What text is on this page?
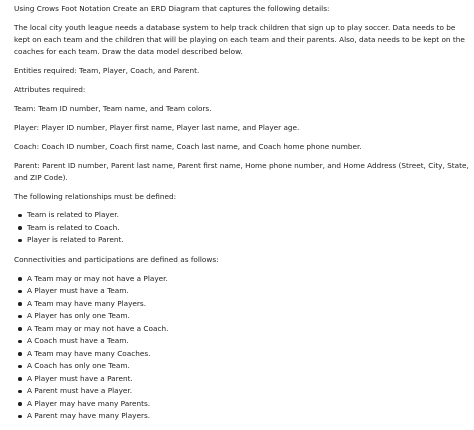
Using Crows Foot Notation Create an ERD Diagram that captures the following details:

The local city youth league needs a database system to help track children that sign up to play soccer. Data needs to be kept on each team and the children that will be playing on each team and their parents. Also, data needs to be kept on the coaches for each team. Draw the data model described below.

Entities required: Team, Player, Coach, and Parent.

Attributes required:

Team: Team ID number, Team name, and Team colors.

Player: Player ID number, Player first name, Player last name, and Player age.

Coach: Coach ID number, Coach first name, Coach last name, and Coach home phone number.

Parent: Parent ID number, Parent last name, Parent first name, Home phone number, and Home Address (Street, City, State, and ZIP Code).

The following relationships must be defined:

Team is related to Player.
Team is related to Coach.
Player is related to Parent.

Connectivities and participations are defined as follows:

A Team may or may not have a Player.
A Player must have a Team.
A Team may have many Players.
A Player has only one Team.
A Team may or may not have a Coach.
A Coach must have a Team.
A Team may have many Coaches.
A Coach has only one Team.
A Player must have a Parent.
A Parent must have a Player.
A Player may have many Parents.
A Parent may have many Players.
